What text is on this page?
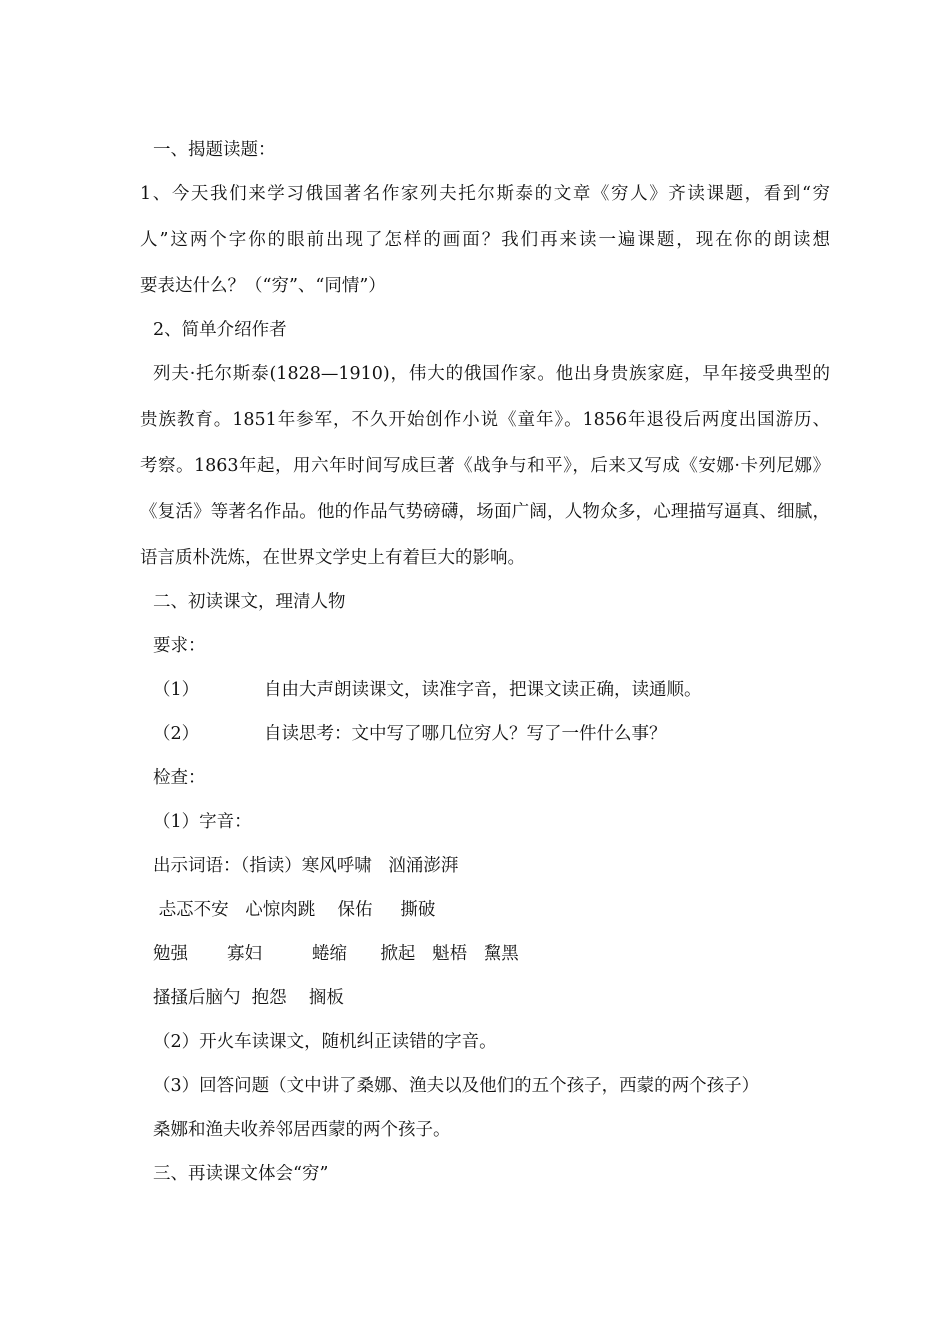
一、揭题读题：
1、今天我们来学习俄国著名作家列夫托尔斯泰的文章《穷人》齐读课题，看到“穷
人”这两个字你的眼前出现了怎样的画面？我们再来读一遍课题，现在你的朗读想
要表达什么？（“穷”、“同情”）
2、简单介绍作者
列夫·托尔斯泰(1828—1910)，伟大的俄国作家。他出身贵族家庭，早年接受典型的
贵族教育。1851年参军，不久开始创作小说《童年》。1856年退役后两度出国游历、
考察。1863年起，用六年时间写成巨著《战争与和平》，后来又写成《安娜·卡列尼娜》
《复活》等著名作品。他的作品气势磅礴，场面广阔，人物众多，心理描写逼真、细腻，
语言质朴洗炼，在世界文学史上有着巨大的影响。
二、初读课文，理清人物
要求：
（1）	自由大声朗读课文，读准字音，把课文读正确，读通顺。
（2）	自读思考：文中写了哪几位穷人？写了一件什么事？
检查：
（1）字音：
出示词语：（指读）寒风呼啸   汹涌澎湃
忐忑不安   心惊肉跳    保佑     撕破
勉强       寡妇         蜷缩      掀起   魁梧   黧黑
搔搔后脑勺  抱怨    搁板
（2）开火车读课文，随机纠正读错的字音。
（3）回答问题（文中讲了桑娜、渔夫以及他们的五个孩子，西蒙的两个孩子）
桑娜和渔夫收养邻居西蒙的两个孩子。
三、再读课文体会“穷”
